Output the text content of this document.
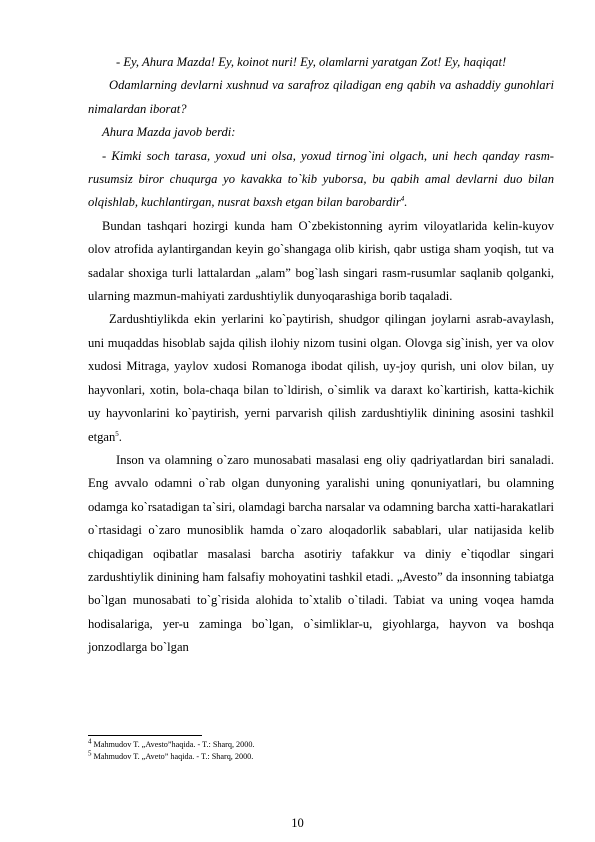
- Ey, Ahura Mazda! Ey, koinot nuri! Ey, olamlarni yaratgan Zot! Ey, haqiqat!

Odamlarning devlarni xushnud va sarafroz qiladigan eng qabih va ashaddiy gunohlari nimalardan iborat?

Ahura Mazda javob berdi:

- Kimki soch tarasa, yoxud uni olsa, yoxud tirnog`ini olgach, uni hech qanday rasm-rusumsiz biror chuqurga yo kavakka to`kib yuborsa, bu qabih amal devlarni duo bilan olqishlab, kuchlantirgan, nusrat baxsh etgan bilan barobardir$^4$.

Bundan tashqari hozirgi kunda ham O`zbekistonning ayrim viloyatlarida kelin-kuyov olov atrofida aylantirgandan keyin go`shangaga olib kirish, qabr ustiga sham yoqish, tut va sadalar shoxiga turli lattalardan „alam” bog`lash singari rasm-rusumlar saqlanib qolganki, ularning mazmun-mahiyati zardushtiylik dunyoqarashiga borib taqaladi.

Zardushtiylikda ekin yerlarini ko`paytirish, shudgor qilingan joylarni asrab-avaylash, uni muqaddas hisoblab sajda qilish ilohiy nizom tusini olgan. Olovga sig`inish, yer va olov xudosi Mitraga, yaylov xudosi Romanoga ibodat qilish, uy-joy qurish, uni olov bilan, uy hayvonlari, xotin, bola-chaqa bilan to`ldirish, o`simlik va daraxt ko`kartirish, katta-kichik uy hayvonlarini ko`paytirish, yerni parvarish qilish zardushtiylik dinining asosini tashkil etgan$^5$.

Inson va olamning o`zaro munosabati masalasi eng oliy qadriyatlardan biri sanaladi. Eng avvalo odamni o`rab olgan dunyoning yaralishi uning qonuniyatlari, bu olamning odamga ko`rsatadigan ta`siri, olamdagi barcha narsalar va odamning barcha xatti-harakatlari o`rtasidagi o`zaro munosiblik hamda o`zaro aloqadorlik sabablari, ular natijasida kelib chiqadigan oqibatlar masalasi barcha asotiriy tafakkur va diniy e`tiqodlar singari zardushtiylik dinining ham falsafiy mohoyatini tashkil etadi. „Avesto” da insonning tabiatga bo`lgan munosabati to`g`risida alohida to`xtalib o`tiladi. Tabiat va uning voqea hamda hodisalariga, yer-u zaminga bo`lgan, o`simliklar-u, giyohlarga, hayvon va boshqa jonzodlarga bo`lgan

$^4$ Mahmudov T. „Avesto”haqida. - T.: Sharq, 2000.

$^5$ Mahmudov T. „Aveto” haqida. - T.: Sharq, 2000.

10
